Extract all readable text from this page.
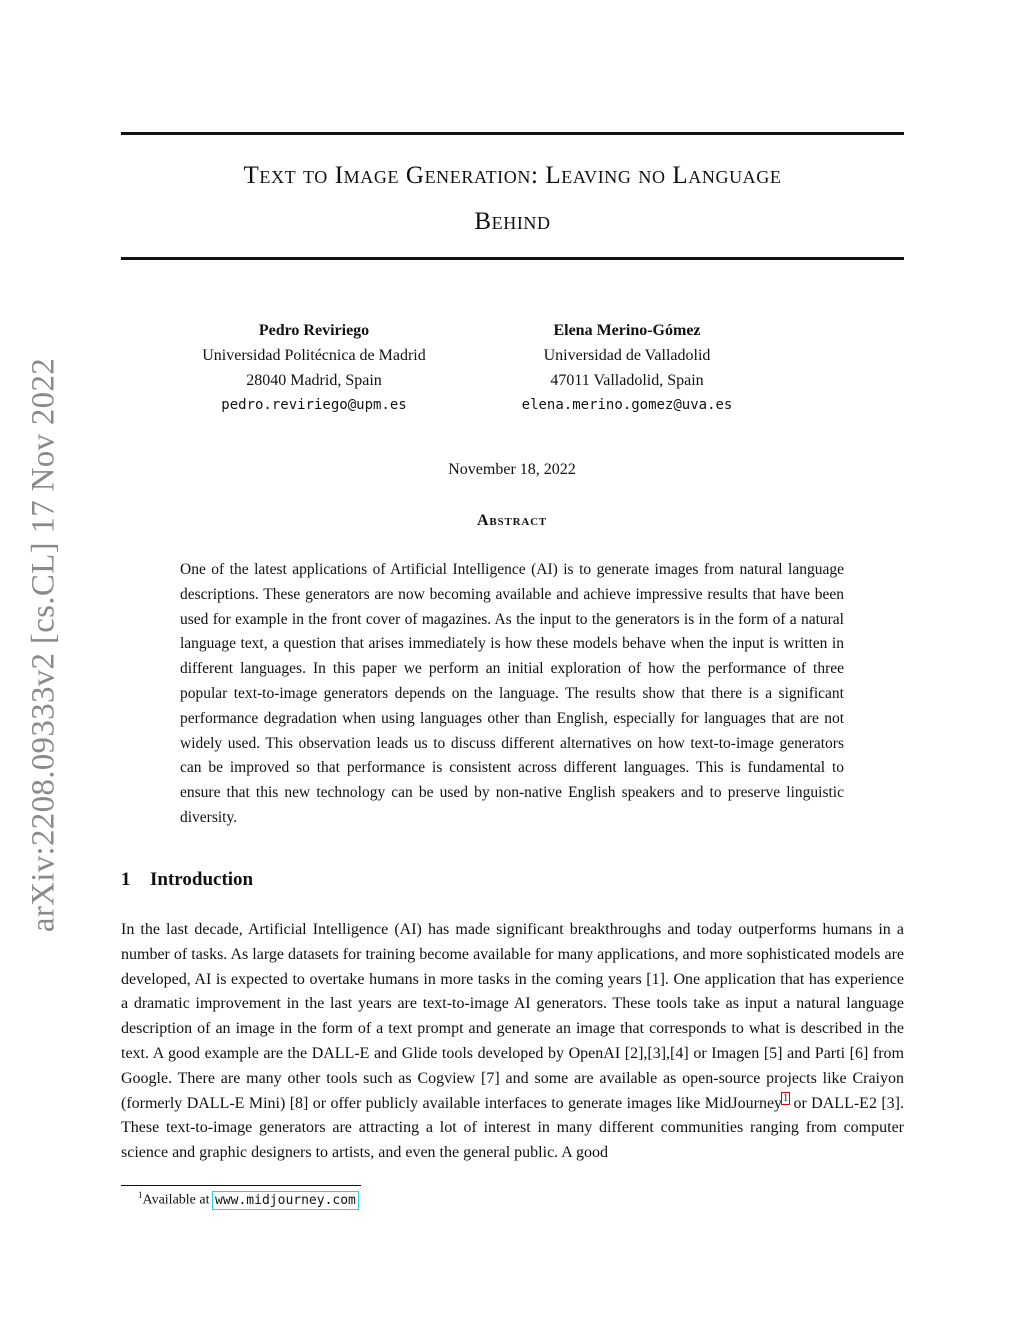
arXiv:2208.09333v2 [cs.CL] 17 Nov 2022
Text to Image Generation: Leaving no Language
Behind
Pedro Reviriego
Universidad Politécnica de Madrid
28040 Madrid, Spain
pedro.reviriego@upm.es
Elena Merino-Gómez
Universidad de Valladolid
47011 Valladolid, Spain
elena.merino.gomez@uva.es
November 18, 2022
Abstract
One of the latest applications of Artificial Intelligence (AI) is to generate images from natural language descriptions. These generators are now becoming available and achieve impressive results that have been used for example in the front cover of magazines. As the input to the generators is in the form of a natural language text, a question that arises immediately is how these models behave when the input is written in different languages. In this paper we perform an initial exploration of how the performance of three popular text-to-image generators depends on the language. The results show that there is a significant performance degradation when using languages other than English, especially for languages that are not widely used. This observation leads us to discuss different alternatives on how text-to-image generators can be improved so that performance is consistent across different languages. This is fundamental to ensure that this new technology can be used by non-native English speakers and to preserve linguistic diversity.
1 Introduction
In the last decade, Artificial Intelligence (AI) has made significant breakthroughs and today outperforms humans in a number of tasks. As large datasets for training become available for many applications, and more sophisticated models are developed, AI is expected to overtake humans in more tasks in the coming years [1]. One application that has experience a dramatic improvement in the last years are text-to-image AI generators. These tools take as input a natural language description of an image in the form of a text prompt and generate an image that corresponds to what is described in the text. A good example are the DALL-E and Glide tools developed by OpenAI [2],[3],[4] or Imagen [5] and Parti [6] from Google. There are many other tools such as Cogview [7] and some are available as open-source projects like Craiyon (formerly DALL-E Mini) [8] or offer publicly available interfaces to generate images like MidJourney$^1$ or DALL-E2 [3]. These text-to-image generators are attracting a lot of interest in many different communities ranging from computer science and graphic designers to artists, and even the general public. A good
$^1$Available at www.midjourney.com
